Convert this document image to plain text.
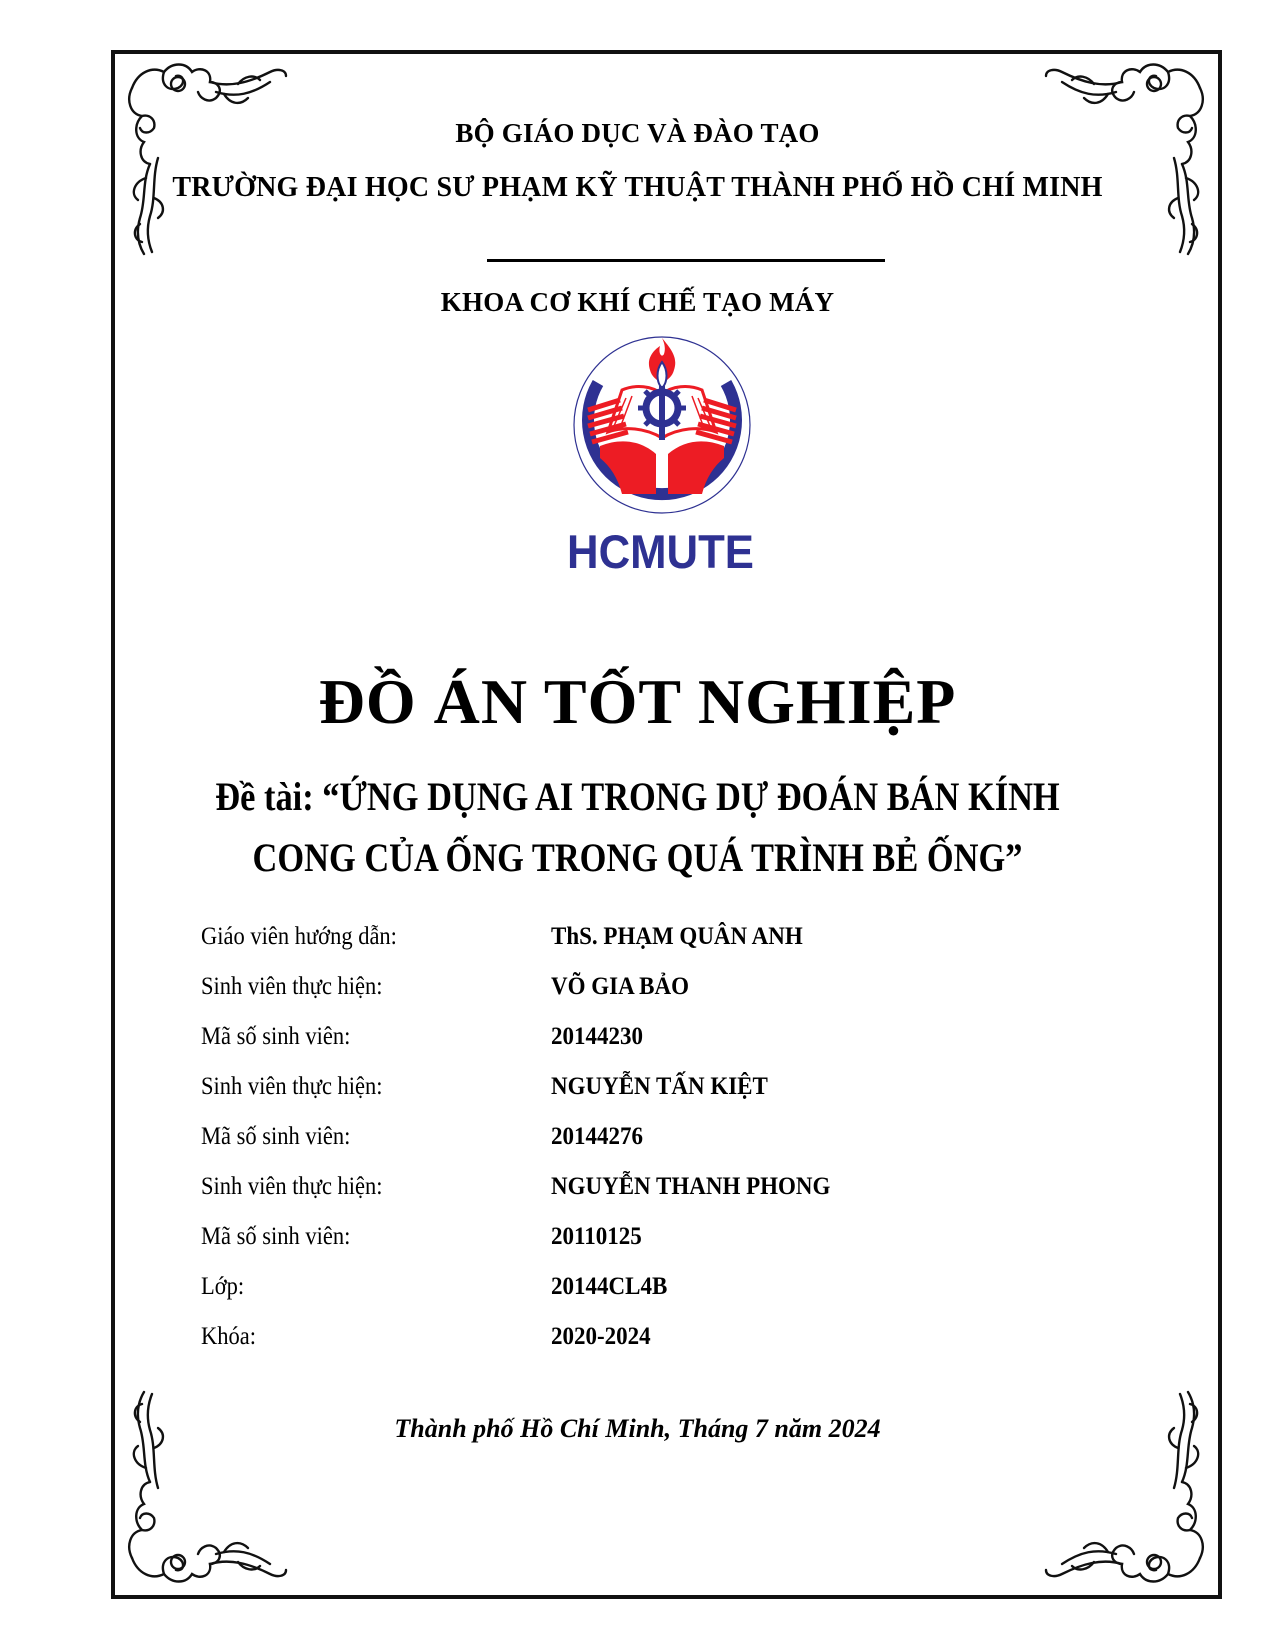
BỘ GIÁO DỤC VÀ ĐÀO TẠO
TRƯỜNG ĐẠI HỌC SƯ PHẠM KỸ THUẬT THÀNH PHỐ HỒ CHÍ MINH
KHOA CƠ KHÍ CHẾ TẠO MÁY
HCMUTE
ĐỒ ÁN TỐT NGHIỆP
Đề tài: “ỨNG DỤNG AI TRONG DỰ ĐOÁN BÁN KÍNH
CONG CỦA ỐNG TRONG QUÁ TRÌNH BẺ ỐNG”
Giáo viên hướng dẫn:	ThS. PHẠM QUÂN ANH
Sinh viên thực hiện:	VÕ GIA BẢO
Mã số sinh viên:	20144230
Sinh viên thực hiện:	NGUYỄN TẤN KIỆT
Mã số sinh viên:	20144276
Sinh viên thực hiện:	NGUYỄN THANH PHONG
Mã số sinh viên:	20110125
Lớp:	20144CL4B
Khóa:	2020-2024
Thành phố Hồ Chí Minh, Tháng 7 năm 2024
